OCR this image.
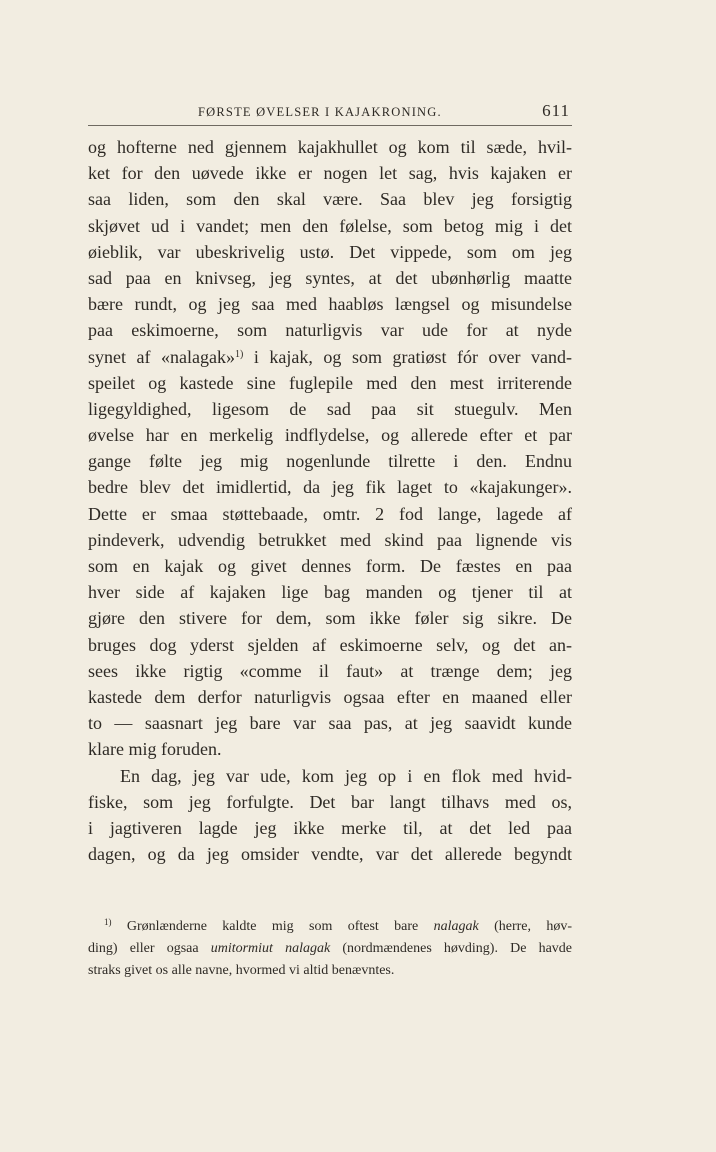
FØRSTE ØVELSER I KAJAKRONING.	611
og hofterne ned gjennem kajakhullet og kom til sæde, hvil-
ket for den uøvede ikke er nogen let sag, hvis kajaken er
saa liden, som den skal være. Saa blev jeg forsigtig
skjøvet ud i vandet; men den følelse, som betog mig i det
øieblik, var ubeskrivelig ustø. Det vippede, som om jeg
sad paa en knivseg, jeg syntes, at det ubønhørlig maatte
bære rundt, og jeg saa med haabløs længsel og misundelse
paa eskimoerne, som naturligvis var ude for at nyde
synet af «nalagak»$^{1)}$ i kajak, og som gratiøst fór over vand-
speilet og kastede sine fuglepile med den mest irriterende
ligegyldighed, ligesom de sad paa sit stuegulv. Men
øvelse har en merkelig indflydelse, og allerede efter et par
gange følte jeg mig nogenlunde tilrette i den. Endnu
bedre blev det imidlertid, da jeg fik laget to «kajakunger».
Dette er smaa støttebaade, omtr. 2 fod lange, lagede af
pindeverk, udvendig betrukket med skind paa lignende vis
som en kajak og givet dennes form. De fæstes en paa
hver side af kajaken lige bag manden og tjener til at
gjøre den stivere for dem, som ikke føler sig sikre. De
bruges dog yderst sjelden af eskimoerne selv, og det an-
sees ikke rigtig «comme il faut» at trænge dem; jeg
kastede dem derfor naturligvis ogsaa efter en maaned eller
to — saasnart jeg bare var saa pas, at jeg saavidt kunde
klare mig foruden.
En dag, jeg var ude, kom jeg op i en flok med hvid-
fiske, som jeg forfulgte. Det bar langt tilhavs med os,
i jagtiveren lagde jeg ikke merke til, at det led paa
dagen, og da jeg omsider vendte, var det allerede begyndt
$^{1)}$ Grønlænderne kaldte mig som oftest bare nalagak (herre, høv-
ding) eller ogsaa umitormiut nalagak (nordmændenes høvding). De havde
straks givet os alle navne, hvormed vi altid benævntes.
